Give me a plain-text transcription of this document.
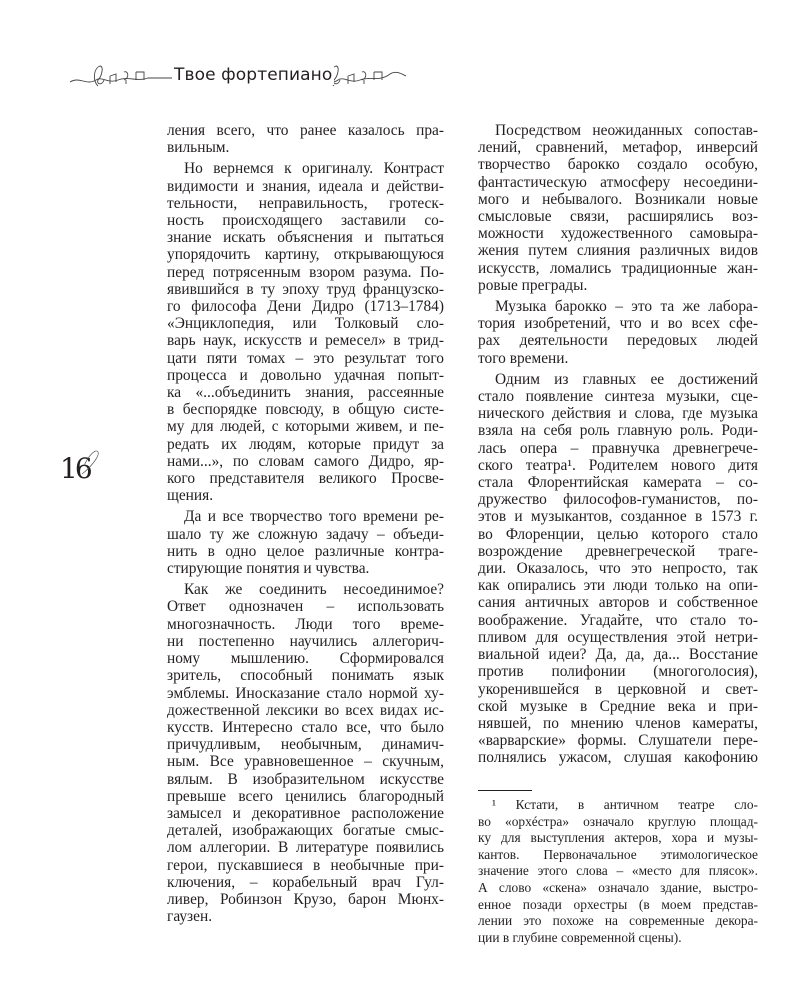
Твое фортепиано
16
ления всего, что ранее казалось пра-
вильным.
Но вернемся к оригиналу. Контраст
видимости и знания, идеала и действи-
тельности, неправильность, гротеск-
ность происходящего заставили со-
знание искать объяснения и пытаться
упорядочить картину, открывающуюся
перед потрясенным взором разума. По-
явившийся в ту эпоху труд французско-
го философа Дени Дидро (1713–1784)
«Энциклопедия, или Толковый сло-
варь наук, искусств и ремесел» в трид-
цати пяти томах – это результат того
процесса и довольно удачная попыт-
ка «...объединить знания, рассеянные
в беспорядке повсюду, в общую систе-
му для людей, с которыми живем, и пе-
редать их людям, которые придут за
нами...», по словам самого Дидро, яр-
кого представителя великого Просве-
щения.
Да и все творчество того времени ре-
шало ту же сложную задачу – объеди-
нить в одно целое различные контра-
стирующие понятия и чувства.
Как же соединить несоединимое?
Ответ однозначен – использовать
многозначность. Люди того време-
ни постепенно научились аллегорич-
ному мышлению. Сформировался
зритель, способный понимать язык
эмблемы. Иносказание стало нормой ху-
дожественной лексики во всех видах ис-
кусств. Интересно стало все, что было
причудливым, необычным, динамич-
ным. Все уравновешенное – скучным,
вялым. В изобразительном искусстве
превыше всего ценились благородный
замысел и декоративное расположение
деталей, изображающих богатые смыс-
лом аллегории. В литературе появились
герои, пускавшиеся в необычные при-
ключения, – корабельный врач Гул-
ливер, Робинзон Крузо, барон Мюнх-
гаузен.
Посредством неожиданных сопостав-
лений, сравнений, метафор, инверсий
творчество барокко создало особую,
фантастическую атмосферу несоедини-
мого и небывалого. Возникали новые
смысловые связи, расширялись воз-
можности художественного самовыра-
жения путем слияния различных видов
искусств, ломались традиционные жан-
ровые преграды.
Музыка барокко – это та же лабора-
тория изобретений, что и во всех сфе-
рах деятельности передовых людей
того времени.
Одним из главных ее достижений
стало появление синтеза музыки, сце-
нического действия и слова, где музыка
взяла на себя роль главную роль. Роди-
лась опера – правнучка древнегрече-
ского театра¹. Родителем нового дитя
стала Флорентийская камерата – со-
дружество философов-гуманистов, по-
этов и музыкантов, созданное в 1573 г.
во Флоренции, целью которого стало
возрождение древнегреческой траге-
дии. Оказалось, что это непросто, так
как опирались эти люди только на опи-
сания античных авторов и собственное
воображение. Угадайте, что стало то-
пливом для осуществления этой нетри-
виальной идеи? Да, да, да... Восстание
против полифонии (многоголосия),
укоренившейся в церковной и свет-
ской музыке в Средние века и при-
нявшей, по мнению членов камераты,
«варварские» формы. Слушатели пере-
полнялись ужасом, слушая какофонию
¹ Кстати, в античном театре сло-
во «орхéстра» означало круглую площад-
ку для выступления актеров, хора и музы-
кантов. Первоначальное этимологическое
значение этого слова – «место для плясок».
А слово «скена» означало здание, выстро-
енное позади орхестры (в моем представ-
лении это похоже на современные декора-
ции в глубине современной сцены).
